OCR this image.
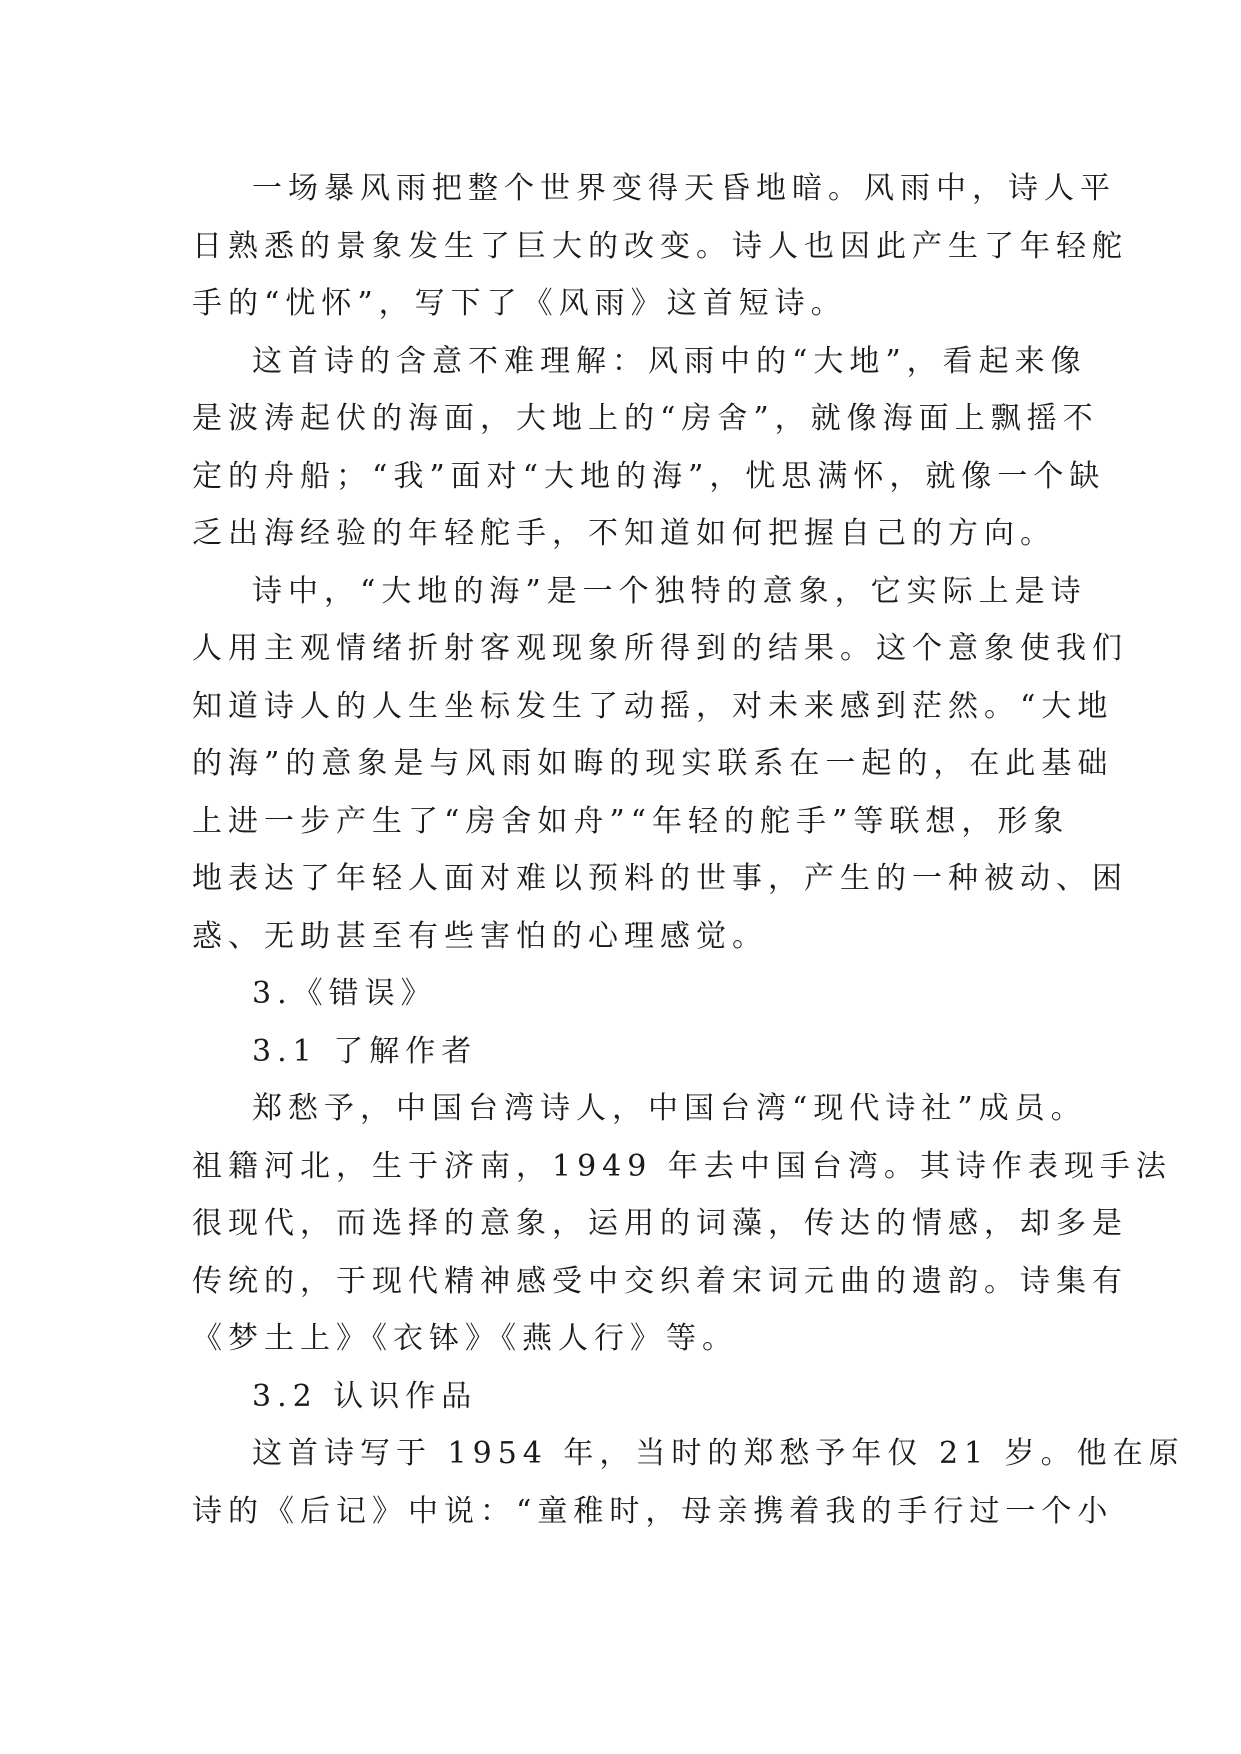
一场暴风雨把整个世界变得天昏地暗。风雨中，诗人平
日熟悉的景象发生了巨大的改变。诗人也因此产生了年轻舵
手的“忧怀”，写下了《风雨》这首短诗。
这首诗的含意不难理解：风雨中的“大地”，看起来像
是波涛起伏的海面，大地上的“房舍”，就像海面上飘摇不
定的舟船；“我”面对“大地的海”，忧思满怀，就像一个缺
乏出海经验的年轻舵手，不知道如何把握自己的方向。
诗中，“大地的海”是一个独特的意象，它实际上是诗
人用主观情绪折射客观现象所得到的结果。这个意象使我们
知道诗人的人生坐标发生了动摇，对未来感到茫然。“大地
的海”的意象是与风雨如晦的现实联系在一起的，在此基础
上进一步产生了“房舍如舟”“年轻的舵手”等联想，形象
地表达了年轻人面对难以预料的世事，产生的一种被动、困
惑、无助甚至有些害怕的心理感觉。
3.《错误》
3.1 了解作者
郑愁予，中国台湾诗人，中国台湾“现代诗社”成员。
祖籍河北，生于济南，1949 年去中国台湾。其诗作表现手法
很现代，而选择的意象，运用的词藻，传达的情感，却多是
传统的，于现代精神感受中交织着宋词元曲的遗韵。诗集有
《梦土上》《衣钵》《燕人行》等。
3.2 认识作品
这首诗写于 1954 年，当时的郑愁予年仅 21 岁。他在原
诗的《后记》中说：“童稚时，母亲携着我的手行过一个小
